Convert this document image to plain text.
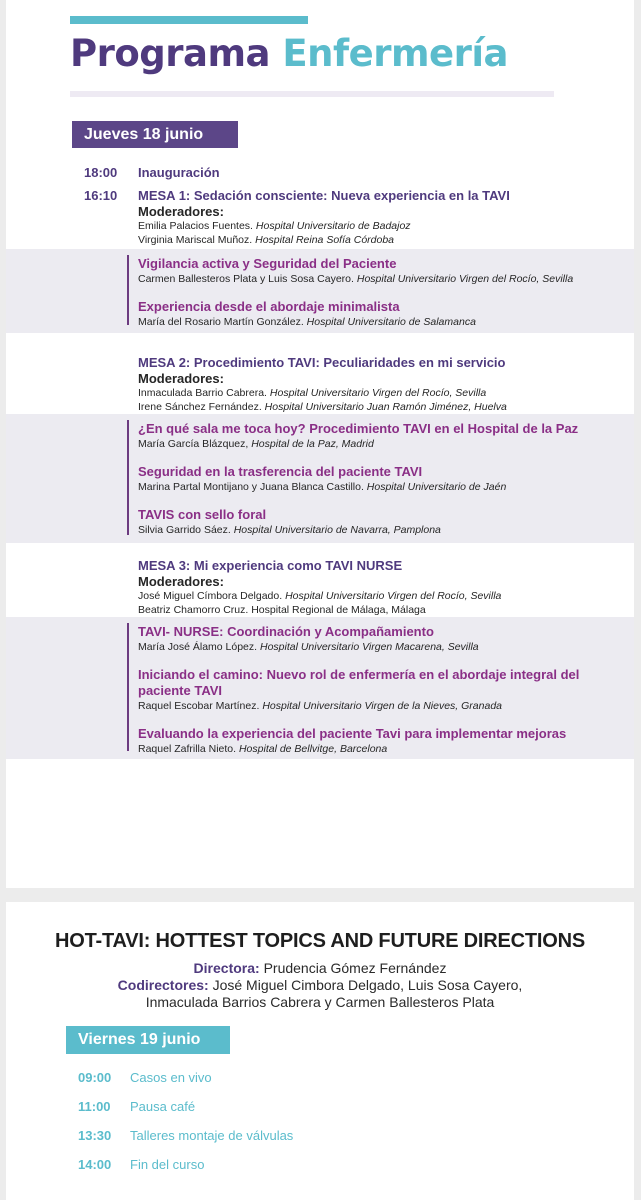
Programa Enfermería
Jueves 18 junio
18:00 Inauguración
16:10 MESA 1: Sedación consciente: Nueva experiencia en la TAVI
Moderadores:
Emilia Palacios Fuentes. Hospital Universitario de Badajoz
Virginia Mariscal Muñoz. Hospital Reina Sofía Córdoba
Vigilancia activa y Seguridad del Paciente
Carmen Ballesteros Plata y Luis Sosa Cayero. Hospital Universitario Virgen del Rocío, Sevilla
Experiencia desde el abordaje minimalista
María del Rosario Martín González. Hospital Universitario de Salamanca
MESA 2: Procedimiento TAVI: Peculiaridades en mi servicio
Moderadores:
Inmaculada Barrio Cabrera. Hospital Universitario Virgen del Rocío, Sevilla
Irene Sánchez Fernández. Hospital Universitario Juan Ramón Jiménez, Huelva
¿En qué sala me toca hoy? Procedimiento TAVI en el Hospital de la Paz
María García Blázquez, Hospital de la Paz, Madrid
Seguridad en la trasferencia del paciente TAVI
Marina Partal Montijano y Juana Blanca Castillo. Hospital Universitario de Jaén
TAVIS con sello foral
Silvia Garrido Sáez. Hospital Universitario de Navarra, Pamplona
MESA 3: Mi experiencia como TAVI NURSE
Moderadores:
José Miguel Címbora Delgado. Hospital Universitario Virgen del Rocío, Sevilla
Beatriz Chamorro Cruz. Hospital Regional de Málaga, Málaga
TAVI- NURSE: Coordinación y Acompañamiento
María José Álamo López. Hospital Universitario Virgen Macarena, Sevilla
Iniciando el camino: Nuevo rol de enfermería en el abordaje integral del
paciente TAVI
Raquel Escobar Martínez. Hospital Universitario Virgen de la Nieves, Granada
Evaluando la experiencia del paciente Tavi para implementar mejoras
Raquel Zafrilla Nieto. Hospital de Bellvitge, Barcelona
HOT-TAVI: HOTTEST TOPICS AND FUTURE DIRECTIONS
Directora: Prudencia Gómez Fernández
Codirectores: José Miguel Cimbora Delgado, Luis Sosa Cayero,
Inmaculada Barrios Cabrera y Carmen Ballesteros Plata
Viernes 19 junio
09:00 Casos en vivo
11:00 Pausa café
13:30 Talleres montaje de válvulas
14:00 Fin del curso
